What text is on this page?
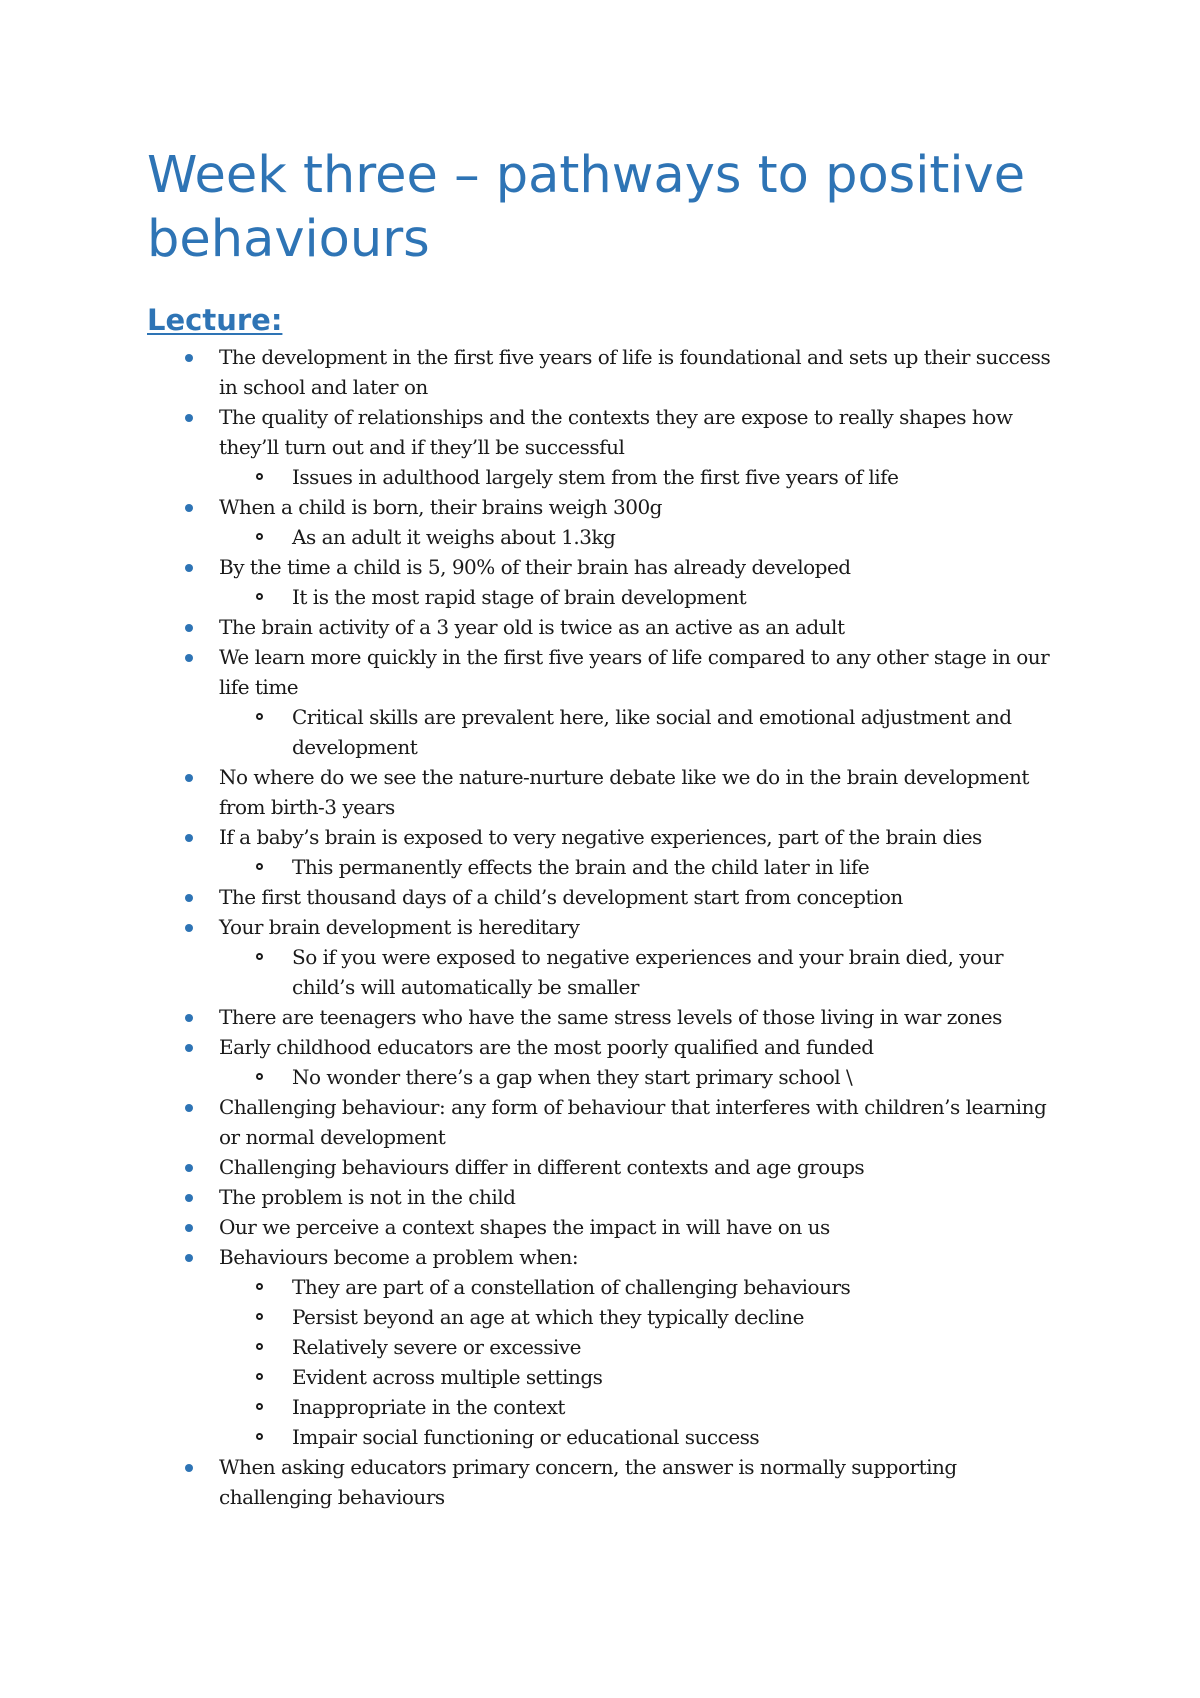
Week three – pathways to positive behaviours
Lecture:
The development in the first five years of life is foundational and sets up their success in school and later on
The quality of relationships and the contexts they are expose to really shapes how they’ll turn out and if they’ll be successful
Issues in adulthood largely stem from the first five years of life
When a child is born, their brains weigh 300g
As an adult it weighs about 1.3kg
By the time a child is 5, 90% of their brain has already developed
It is the most rapid stage of brain development
The brain activity of a 3 year old is twice as an active as an adult
We learn more quickly in the first five years of life compared to any other stage in our life time
Critical skills are prevalent here, like social and emotional adjustment and development
No where do we see the nature-nurture debate like we do in the brain development from birth-3 years
If a baby’s brain is exposed to very negative experiences, part of the brain dies
This permanently effects the brain and the child later in life
The first thousand days of a child’s development start from conception
Your brain development is hereditary
So if you were exposed to negative experiences and your brain died, your child’s will automatically be smaller
There are teenagers who have the same stress levels of those living in war zones
Early childhood educators are the most poorly qualified and funded
No wonder there’s a gap when they start primary school \
Challenging behaviour: any form of behaviour that interferes with children’s learning or normal development
Challenging behaviours differ in different contexts and age groups
The problem is not in the child
Our we perceive a context shapes the impact in will have on us
Behaviours become a problem when:
They are part of a constellation of challenging behaviours
Persist beyond an age at which they typically decline
Relatively severe or excessive
Evident across multiple settings
Inappropriate in the context
Impair social functioning or educational success
When asking educators primary concern, the answer is normally supporting challenging behaviours
